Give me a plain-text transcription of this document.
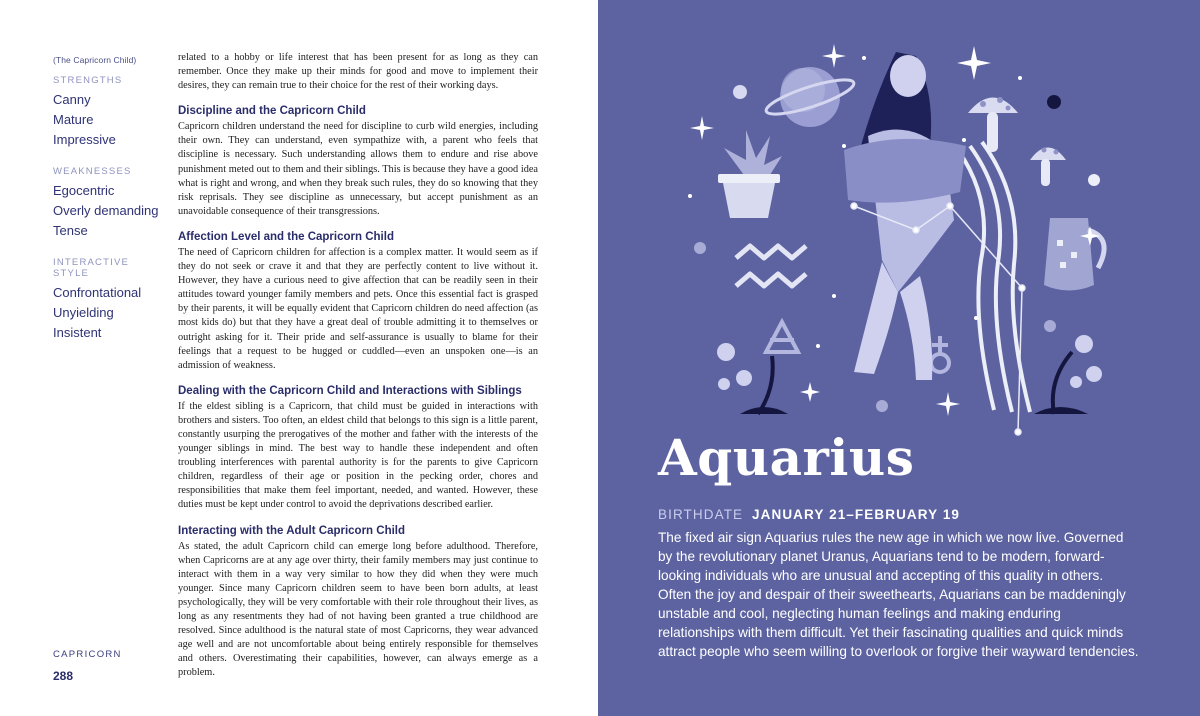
(The Capricorn Child)
STRENGTHS
Canny
Mature
Impressive
WEAKNESSES
Egocentric
Overly demanding
Tense
INTERACTIVE STYLE
Confrontational
Unyielding
Insistent

related to a hobby or life interest that has been present for as long as they can remember. Once they make up their minds for good and move to implement their desires, they can remain true to their choice for the rest of their working days.

Discipline and the Capricorn Child

Capricorn children understand the need for discipline to curb wild energies, including their own. They can understand, even sympathize with, a parent who feels that discipline is necessary. Such understanding allows them to endure and rise above punishment meted out to them and their siblings. This is because they have a good idea what is right and wrong, and when they break such rules, they do so knowing that they risk reprisals. They see discipline as unnecessary, but accept punishment as an unavoidable consequence of their transgressions.

Affection Level and the Capricorn Child

The need of Capricorn children for affection is a complex matter. It would seem as if they do not seek or crave it and that they are perfectly content to live without it. However, they have a curious need to give affection that can be readily seen in their attitudes toward younger family members and pets. Once this essential fact is grasped by their parents, it will be equally evident that Capricorn children do need affection (as most kids do) but that they have a great deal of trouble admitting it to themselves or outright asking for it. Their pride and self-assurance is usually to blame for their feelings that a request to be hugged or cuddled—even an unspoken one—is an admission of weakness.

Dealing with the Capricorn Child and Interactions with Siblings

If the eldest sibling is a Capricorn, that child must be guided in interactions with brothers and sisters. Too often, an eldest child that belongs to this sign is a little parent, constantly usurping the prerogatives of the mother and father with the interests of the younger siblings in mind. The best way to handle these independent and often troubling interferences with parental authority is for the parents to give Capricorn children, regardless of their age or position in the pecking order, chores and responsibilities that make them feel important, needed, and wanted. However, these duties must be kept under control to avoid the deprivations described earlier.

Interacting with the Adult Capricorn Child

As stated, the adult Capricorn child can emerge long before adulthood. Therefore, when Capricorns are at any age over thirty, their family members may just continue to interact with them in a way very similar to how they did when they were much younger. Since many Capricorn children seem to have been born adults, at least psychologically, they will be very comfortable with their role throughout their lives, as long as any resentments they had of not having been granted a true childhood are resolved. Since adulthood is the natural state of most Capricorns, they wear advanced age well and are not uncomfortable about being entirely responsible for themselves and others. Overestimating their capabilities, however, can always emerge as a problem.

CAPRICORN
288
Aquarius
BIRTHDATE JANUARY 21–FEBRUARY 19

The fixed air sign Aquarius rules the new age in which we now live. Governed by the revolutionary planet Uranus, Aquarians tend to be modern, forward-looking individuals who are unusual and accepting of this quality in others. Often the joy and despair of their sweethearts, Aquarians can be maddeningly unstable and cool, neglecting human feelings and making enduring relationships with them difficult. Yet their fascinating qualities and quick minds attract people who seem willing to overlook or forgive their wayward tendencies.
